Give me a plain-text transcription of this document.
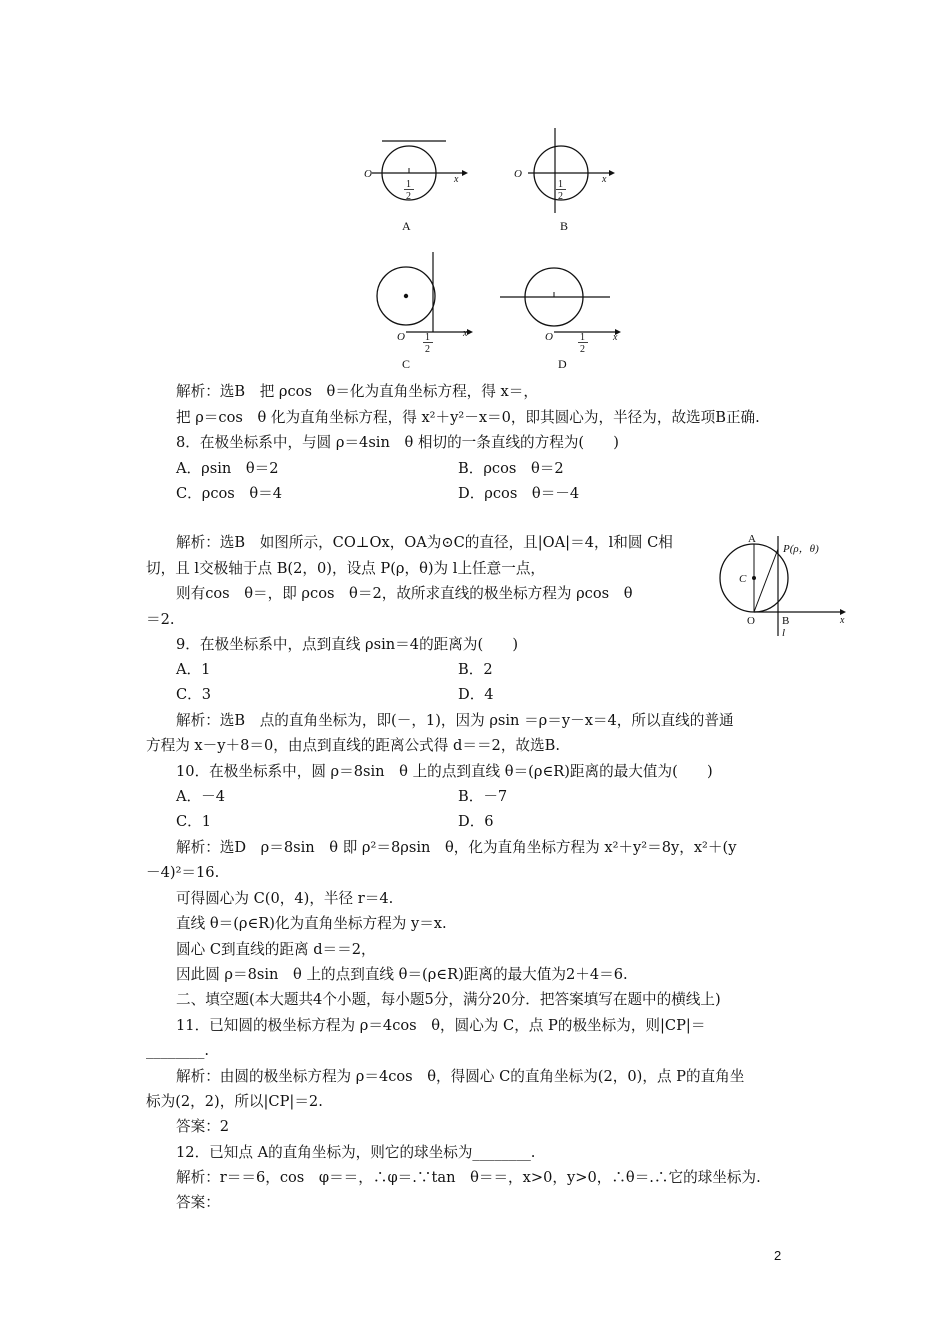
O	x
1
2
A
O	x
1
2
B
O	x
1
2
C
O	x
1
2
D
A
C
O B
l
x
P(ρ，θ)
解析：选B　把 ρcos　θ＝化为直角坐标方程，得 x＝，
把 ρ＝cos　θ 化为直角坐标方程，得 x²＋y²－x＝0，即其圆心为，半径为，故选项B正确.
8．在极坐标系中，与圆 ρ＝4sin　θ 相切的一条直线的方程为(　　)
A．ρsin　θ＝2	B．ρcos　θ＝2
C．ρcos　θ＝4	D．ρcos　θ＝－4
解析：选B　如图所示，CO⊥Ox，OA为⊙C的直径，且|OA|＝4，l和圆 C相
切，且 l交极轴于点 B(2，0)，设点 P(ρ，θ)为 l上任意一点，
则有cos　θ＝，即 ρcos　θ＝2，故所求直线的极坐标方程为 ρcos　θ
＝2.
9．在极坐标系中，点到直线 ρsin＝4的距离为(　　)
A．1	B．2
C．3	D．4
解析：选B　点的直角坐标为，即(－，1)，因为 ρsin ＝ρ＝y－x＝4，所以直线的普通
方程为 x－y＋8＝0，由点到直线的距离公式得 d＝＝2，故选B.
10．在极坐标系中，圆 ρ＝8sin　θ 上的点到直线 θ＝(ρ∈R)距离的最大值为(　　)
A．－4	B．－7
C．1	D．6
解析：选D　ρ＝8sin　θ 即 ρ²＝8ρsin　θ，化为直角坐标方程为 x²＋y²＝8y，x²＋(y
－4)²＝16.
可得圆心为 C(0，4)，半径 r＝4.
直线 θ＝(ρ∈R)化为直角坐标方程为 y＝x.
圆心 C到直线的距离 d＝＝2，
因此圆 ρ＝8sin　θ 上的点到直线 θ＝(ρ∈R)距离的最大值为2＋4＝6.
二、填空题(本大题共4个小题，每小题5分，满分20分．把答案填写在题中的横线上)
11．已知圆的极坐标方程为 ρ＝4cos　θ，圆心为 C，点 P的极坐标为，则|CP|＝
________.
解析：由圆的极坐标方程为 ρ＝4cos　θ，得圆心 C的直角坐标为(2，0)，点 P的直角坐
标为(2，2)，所以|CP|＝2.
答案：2
12．已知点 A的直角坐标为，则它的球坐标为________.
解析：r＝＝6，cos　φ＝＝，∴φ＝.∵tan　θ＝＝，x>0，y>0，∴θ＝.∴它的球坐标为.
答案：
2
